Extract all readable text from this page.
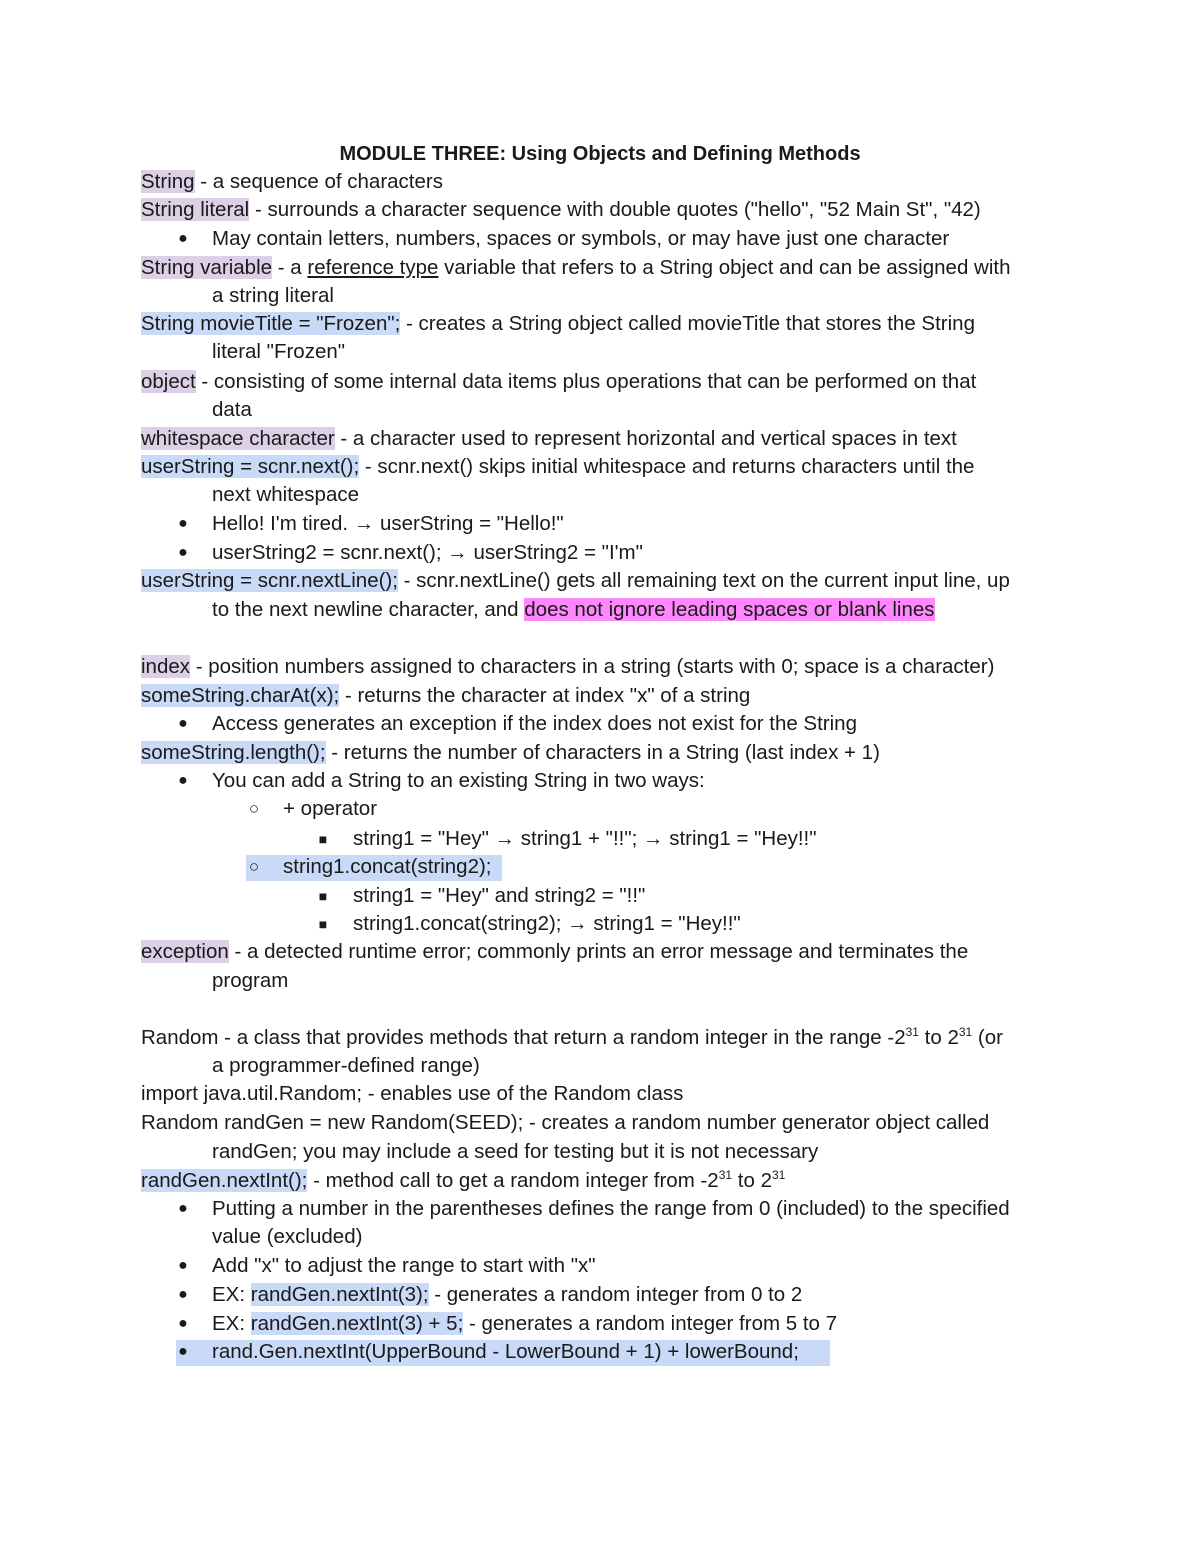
MODULE THREE: Using Objects and Defining Methods
String - a sequence of characters
String literal - surrounds a character sequence with double quotes ("hello", "52 Main St", "42)
● May contain letters, numbers, spaces or symbols, or may have just one character
String variable - a reference type variable that refers to a String object and can be assigned with
a string literal
String movieTitle = "Frozen"; - creates a String object called movieTitle that stores the String
literal "Frozen"
object - consisting of some internal data items plus operations that can be performed on that
data
whitespace character - a character used to represent horizontal and vertical spaces in text
userString = scnr.next(); - scnr.next() skips initial whitespace and returns characters until the
next whitespace
● Hello! I'm tired. → userString = "Hello!"
● userString2 = scnr.next(); → userString2 = "I'm"
userString = scnr.nextLine(); - scnr.nextLine() gets all remaining text on the current input line, up
to the next newline character, and does not ignore leading spaces or blank lines
index - position numbers assigned to characters in a string (starts with 0; space is a character)
someString.charAt(x); - returns the character at index "x" of a string
● Access generates an exception if the index does not exist for the String
someString.length(); - returns the number of characters in a String (last index + 1)
● You can add a String to an existing String in two ways:
○ + operator
■ string1 = "Hey" → string1 + "!!"; → string1 = "Hey!!"
○ string1.concat(string2);
■ string1 = "Hey" and string2 = "!!"
■ string1.concat(string2); → string1 = "Hey!!"
exception - a detected runtime error; commonly prints an error message and terminates the
program
Random - a class that provides methods that return a random integer in the range $-2^{31}$ to $2^{31}$ (or
a programmer-defined range)
import java.util.Random; - enables use of the Random class
Random randGen = new Random(SEED); - creates a random number generator object called
randGen; you may include a seed for testing but it is not necessary
randGen.nextInt(); - method call to get a random integer from $-2^{31}$ to $2^{31}$
● Putting a number in the parentheses defines the range from 0 (included) to the specified
value (excluded)
● Add "x" to adjust the range to start with "x"
● EX: randGen.nextInt(3); - generates a random integer from 0 to 2
● EX: randGen.nextInt(3) + 5; - generates a random integer from 5 to 7
● rand.Gen.nextInt(UpperBound - LowerBound + 1) + lowerBound;
